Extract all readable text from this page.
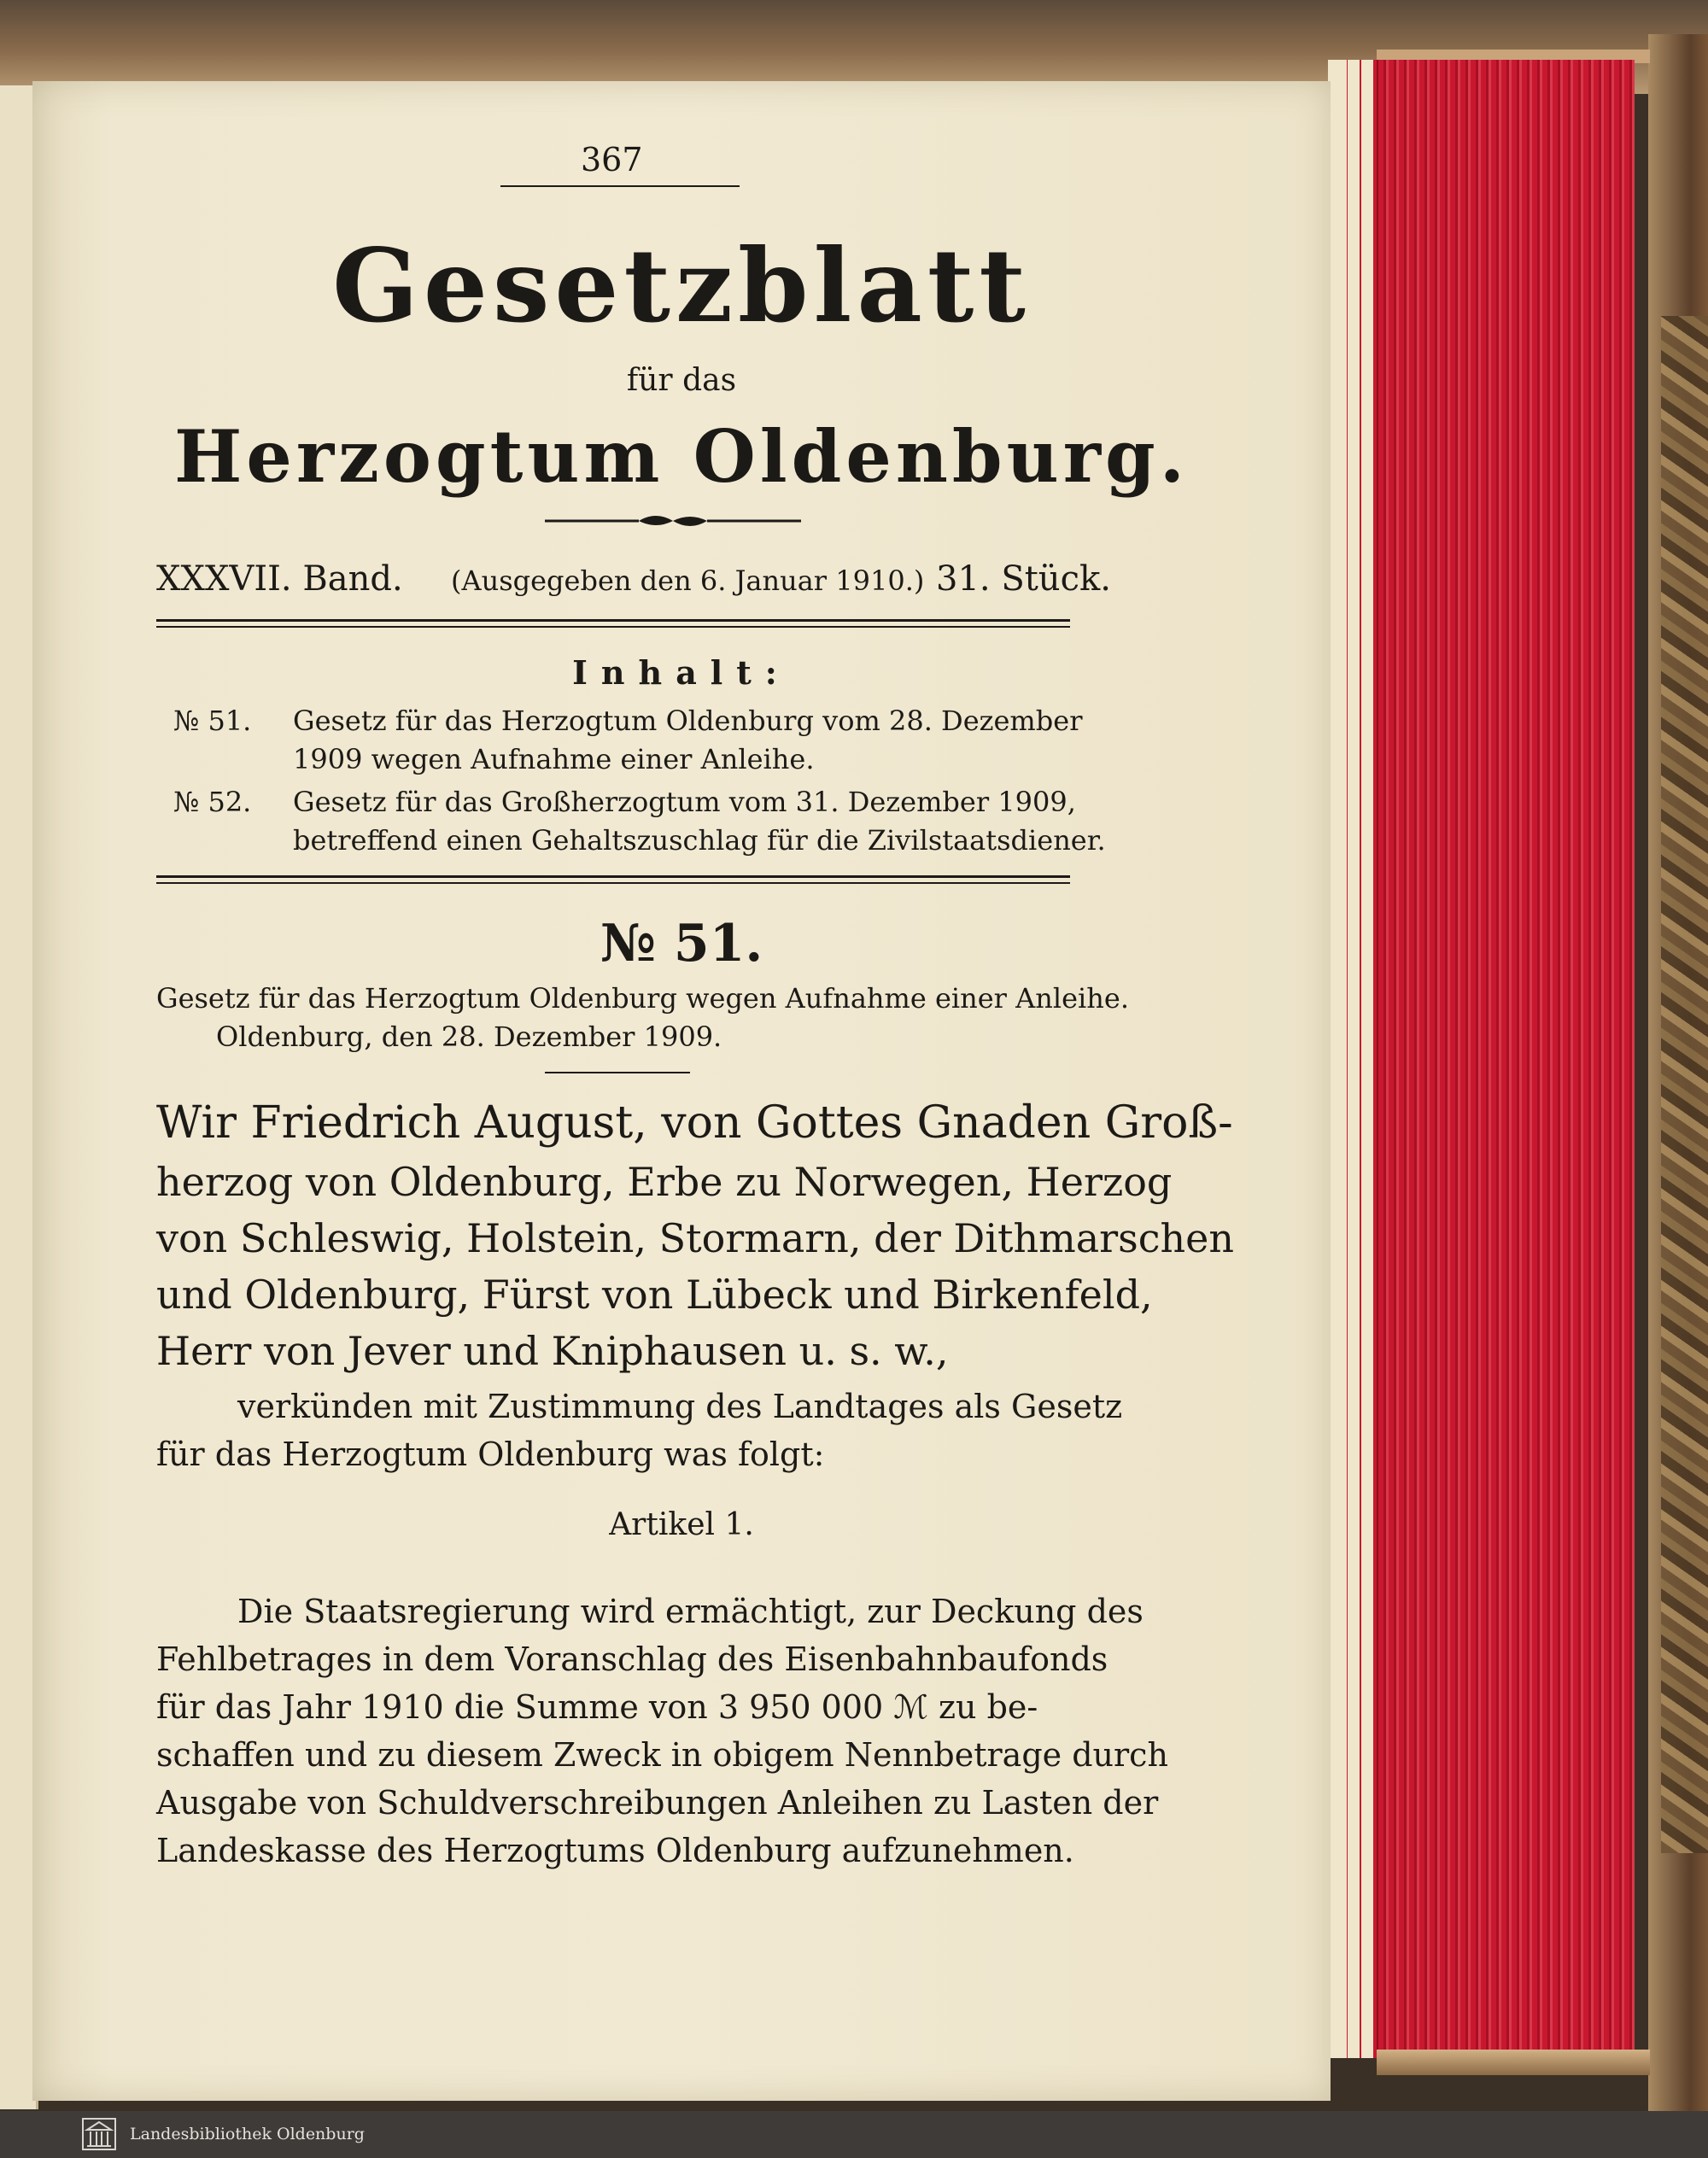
367
Gesetzblatt
für das
Herzogtum Oldenburg.
XXXVII. Band. (Ausgegeben den 6. Januar 1910.) 31. Stück.
Inhalt:
№ 51. Gesetz für das Herzogtum Oldenburg vom 28. Dezember
1909 wegen Aufnahme einer Anleihe.
№ 52. Gesetz für das Großherzogtum vom 31. Dezember 1909,
betreffend einen Gehaltszuschlag für die Zivilstaatsdiener.
№ 51.
Gesetz für das Herzogtum Oldenburg wegen Aufnahme einer Anleihe.
Oldenburg, den 28. Dezember 1909.
Wir Friedrich August, von Gottes Gnaden Groß-
herzog von Oldenburg, Erbe zu Norwegen, Herzog
von Schleswig, Holstein, Stormarn, der Dithmarschen
und Oldenburg, Fürst von Lübeck und Birkenfeld,
Herr von Jever und Kniphausen u. s. w.,
verkünden mit Zustimmung des Landtages als Gesetz
für das Herzogtum Oldenburg was folgt:
Artikel 1.
Die Staatsregierung wird ermächtigt, zur Deckung des
Fehlbetrages in dem Voranschlag des Eisenbahnbaufonds
für das Jahr 1910 die Summe von 3 950 000 ℳ zu be-
schaffen und zu diesem Zweck in obigem Nennbetrage durch
Ausgabe von Schuldverschreibungen Anleihen zu Lasten der
Landeskasse des Herzogtums Oldenburg aufzunehmen.
Landesbibliothek Oldenburg
